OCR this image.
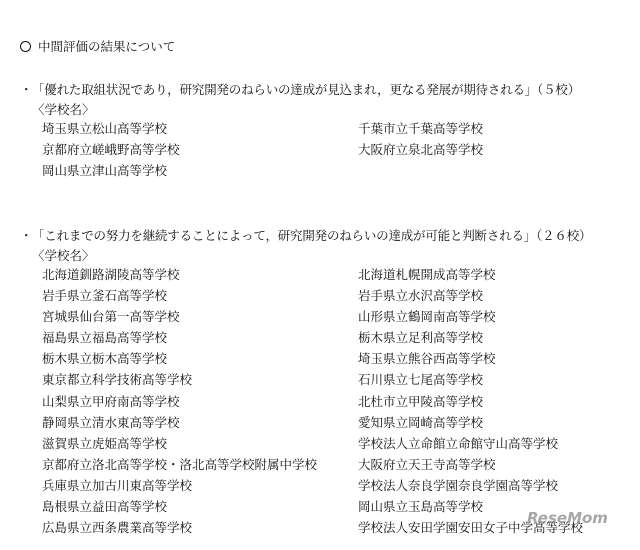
中間評価の結果について
・「優れた取組状況であり，研究開発のねらいの達成が見込まれ，更なる発展が期待される」（５校）
〈学校名〉
埼玉県立松山高等学校
京都府立嵯峨野高等学校
岡山県立津山高等学校
千葉市立千葉高等学校
大阪府立泉北高等学校
・「これまでの努力を継続することによって，研究開発のねらいの達成が可能と判断される」（２６校）
〈学校名〉
北海道釧路湖陵高等学校
岩手県立釜石高等学校
宮城県仙台第一高等学校
福島県立福島高等学校
栃木県立栃木高等学校
東京都立科学技術高等学校
山梨県立甲府南高等学校
静岡県立清水東高等学校
滋賀県立虎姫高等学校
京都府立洛北高等学校・洛北高等学校附属中学校
兵庫県立加古川東高等学校
島根県立益田高等学校
広島県立西条農業高等学校
北海道札幌開成高等学校
岩手県立水沢高等学校
山形県立鶴岡南高等学校
栃木県立足利高等学校
埼玉県立熊谷西高等学校
石川県立七尾高等学校
北杜市立甲陵高等学校
愛知県立岡崎高等学校
学校法人立命館立命館守山高等学校
大阪府立天王寺高等学校
学校法人奈良学園奈良学園高等学校
岡山県立玉島高等学校
学校法人安田学園安田女子中学高等学校
ReseMom
